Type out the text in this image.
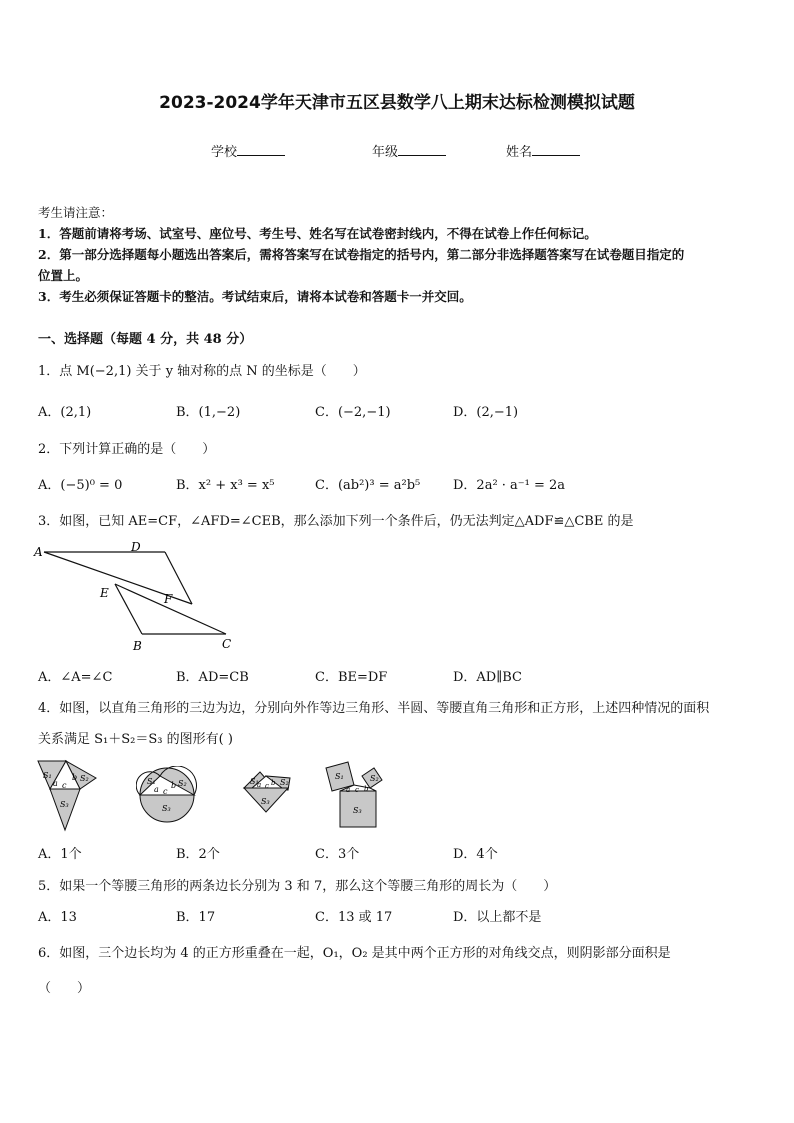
2023-2024学年天津市五区县数学八上期末达标检测模拟试题
学校	年级	姓名
考生请注意：
1．答题前请将考场、试室号、座位号、考生号、姓名写在试卷密封线内，不得在试卷上作任何标记。
2．第一部分选择题每小题选出答案后，需将答案写在试卷指定的括号内，第二部分非选择题答案写在试卷题目指定的
位置上。
3．考生必须保证答题卡的整洁。考试结束后，请将本试卷和答题卡一并交回。
一、选择题（每题 4 分，共 48 分）
1．点 M(−2,1) 关于 y 轴对称的点 N 的坐标是（　　）
A．(2,1)	B．(1,−2)	C．(−2,−1)	D．(2,−1)
2．下列计算正确的是（　　）
A．(−5)⁰ = 0	B．x² + x³ = x⁵	C．(ab²)³ = a²b⁵	D．2a² · a⁻¹ = 2a
3．如图，已知 AE=CF，∠AFD=∠CEB，那么添加下列一个条件后，仍无法判定△ADF≌△CBE 的是
A	D
E	F
B	C
A．∠A=∠C	B．AD=CB	C．BE=DF	D．AD∥BC
4．如图，以直角三角形的三边为边，分别向外作等边三角形、半圆、等腰直角三角形和正方形，上述四种情况的面积
关系满足 S₁＋S₂＝S₃ 的图形有( )
S₁	S₂
S₃
a
b
c	S₁	S₂
S₃
a b
c
S₁	S₂
S₃
a b
c
S₁	S₂
S₃
a b
c
A．1个	B．2个	C．3个	D．4个
5．如果一个等腰三角形的两条边长分别为 3 和 7，那么这个等腰三角形的周长为（　　）
A．13	B．17	C．13 或 17	D．以上都不是
6．如图，三个边长均为 4 的正方形重叠在一起，O₁，O₂ 是其中两个正方形的对角线交点，则阴影部分面积是
（　　）
